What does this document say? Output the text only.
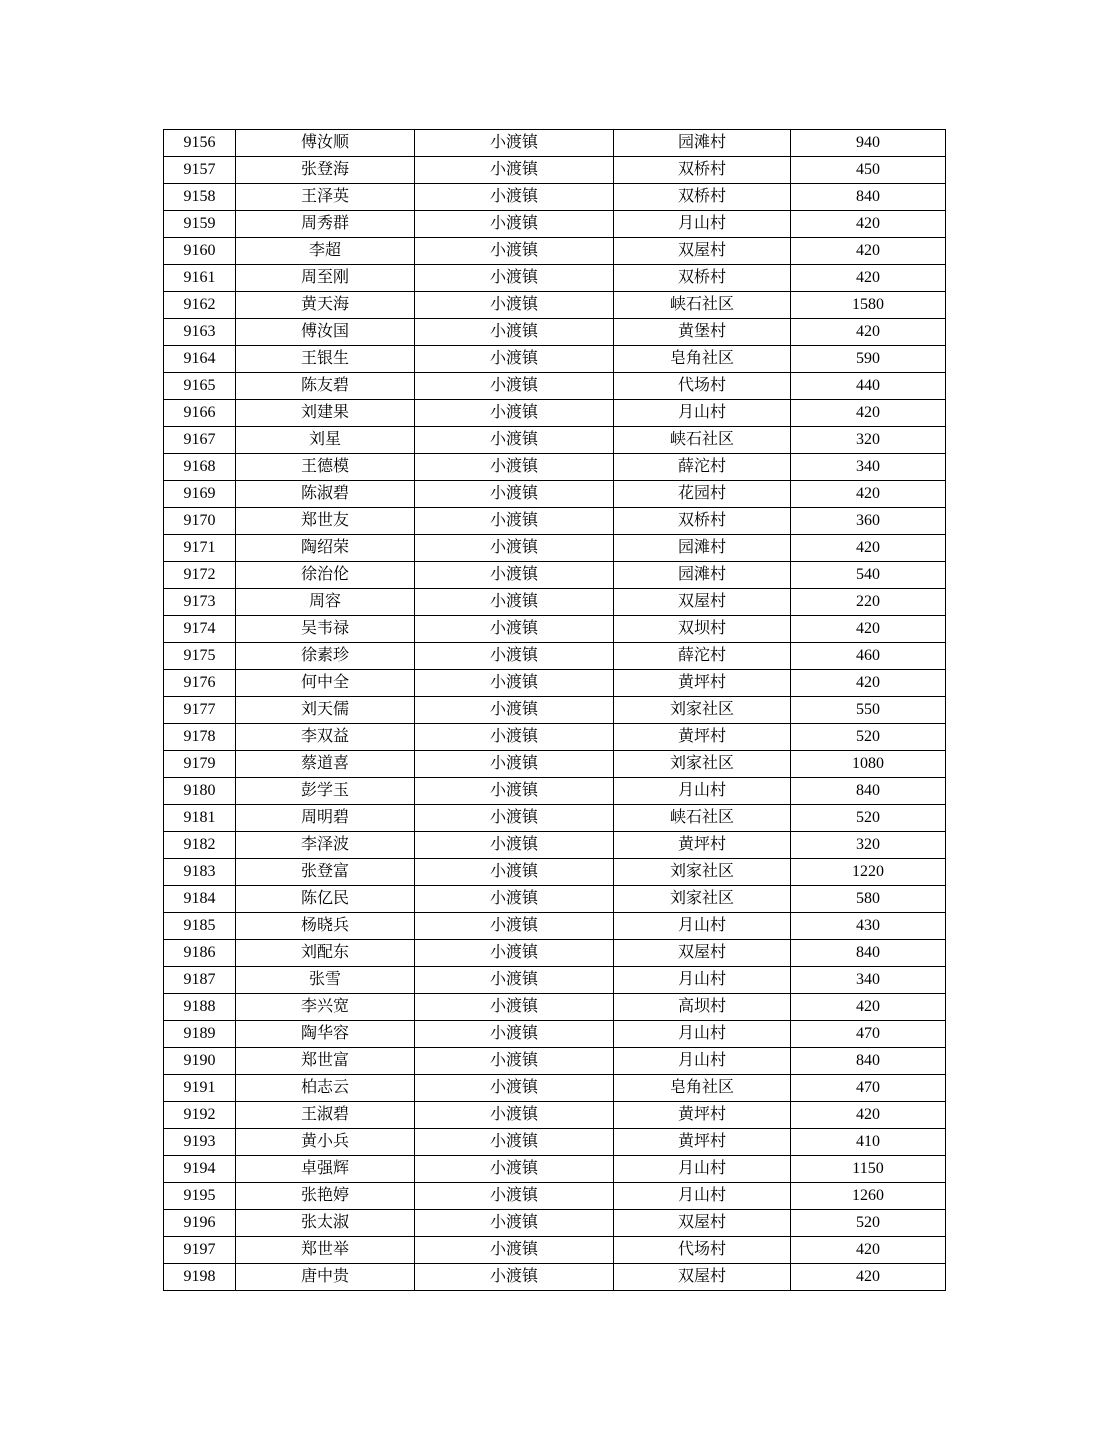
9156	傅汝顺	小渡镇	园滩村	940
9157	张登海	小渡镇	双桥村	450
9158	王泽英	小渡镇	双桥村	840
9159	周秀群	小渡镇	月山村	420
9160	李超	小渡镇	双屋村	420
9161	周至刚	小渡镇	双桥村	420
9162	黄天海	小渡镇	峡石社区	1580
9163	傅汝国	小渡镇	黄堡村	420
9164	王银生	小渡镇	皂角社区	590
9165	陈友碧	小渡镇	代场村	440
9166	刘建果	小渡镇	月山村	420
9167	刘星	小渡镇	峡石社区	320
9168	王德模	小渡镇	薛沱村	340
9169	陈淑碧	小渡镇	花园村	420
9170	郑世友	小渡镇	双桥村	360
9171	陶绍荣	小渡镇	园滩村	420
9172	徐治伦	小渡镇	园滩村	540
9173	周容	小渡镇	双屋村	220
9174	吴韦禄	小渡镇	双坝村	420
9175	徐素珍	小渡镇	薛沱村	460
9176	何中全	小渡镇	黄坪村	420
9177	刘天儒	小渡镇	刘家社区	550
9178	李双益	小渡镇	黄坪村	520
9179	蔡道喜	小渡镇	刘家社区	1080
9180	彭学玉	小渡镇	月山村	840
9181	周明碧	小渡镇	峡石社区	520
9182	李泽波	小渡镇	黄坪村	320
9183	张登富	小渡镇	刘家社区	1220
9184	陈亿民	小渡镇	刘家社区	580
9185	杨晓兵	小渡镇	月山村	430
9186	刘配东	小渡镇	双屋村	840
9187	张雪	小渡镇	月山村	340
9188	李兴宽	小渡镇	高坝村	420
9189	陶华容	小渡镇	月山村	470
9190	郑世富	小渡镇	月山村	840
9191	柏志云	小渡镇	皂角社区	470
9192	王淑碧	小渡镇	黄坪村	420
9193	黄小兵	小渡镇	黄坪村	410
9194	卓强辉	小渡镇	月山村	1150
9195	张艳婷	小渡镇	月山村	1260
9196	张太淑	小渡镇	双屋村	520
9197	郑世举	小渡镇	代场村	420
9198	唐中贵	小渡镇	双屋村	420
